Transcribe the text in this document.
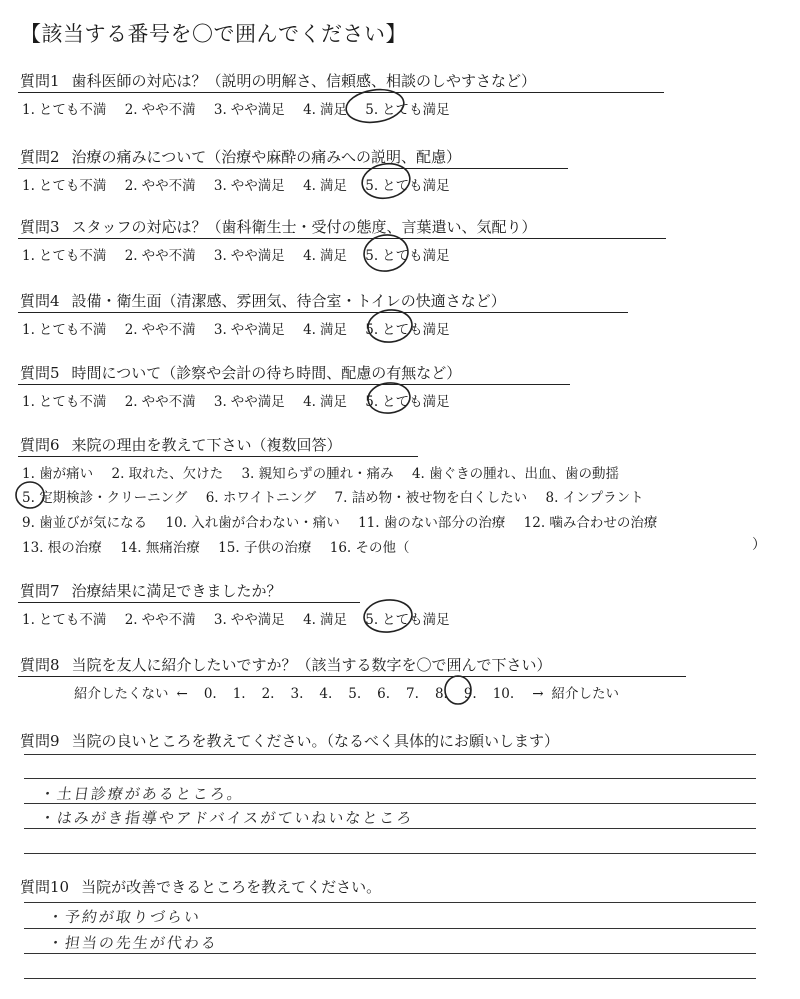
【該当する番号を〇で囲んでください】
質問1 歯科医師の対応は？（説明の明解さ、信頼感、相談のしやすさなど）
1. とても不満 2. やや不満 3. やや満足 4. 満足 5. とても満足
質問2 治療の痛みについて（治療や麻酔の痛みへの説明、配慮）
1. とても不満 2. やや不満 3. やや満足 4. 満足 5. とても満足
質問3 スタッフの対応は？（歯科衛生士・受付の態度、言葉遣い、気配り）
1. とても不満 2. やや不満 3. やや満足 4. 満足 5. とても満足
質問4 設備・衛生面（清潔感、雰囲気、待合室・トイレの快適さなど）
1. とても不満 2. やや不満 3. やや満足 4. 満足 5. とても満足
質問5 時間について（診察や会計の待ち時間、配慮の有無など）
1. とても不満 2. やや不満 3. やや満足 4. 満足 5. とても満足
質問6 来院の理由を教えて下さい（複数回答）
1. 歯が痛い 2. 取れた、欠けた 3. 親知らずの腫れ・痛み 4. 歯ぐきの腫れ、出血、歯の動揺
5. 定期検診・クリーニング 6. ホワイトニング 7. 詰め物・被せ物を白くしたい 8. インプラント
9. 歯並びが気になる 10. 入れ歯が合わない・痛い 11. 歯のない部分の治療 12. 噛み合わせの治療
13. 根の治療 14. 無痛治療 15. 子供の治療 16. その他（	）
質問7 治療結果に満足できましたか？
1. とても不満 2. やや不満 3. やや満足 4. 満足 5. とても満足
質問8 当院を友人に紹介したいですか？（該当する数字を〇で囲んで下さい）
紹介したくない ← 0. 1. 2. 3. 4. 5. 6. 7. 8. 9. 10. → 紹介したい
質問9 当院の良いところを教えてください。（なるべく具体的にお願いします）
・土日診療があるところ。
・はみがき指導やアドバイスがていねいなところ
質問10 当院が改善できるところを教えてください。
・予約が取りづらい
・担当の先生が代わる
